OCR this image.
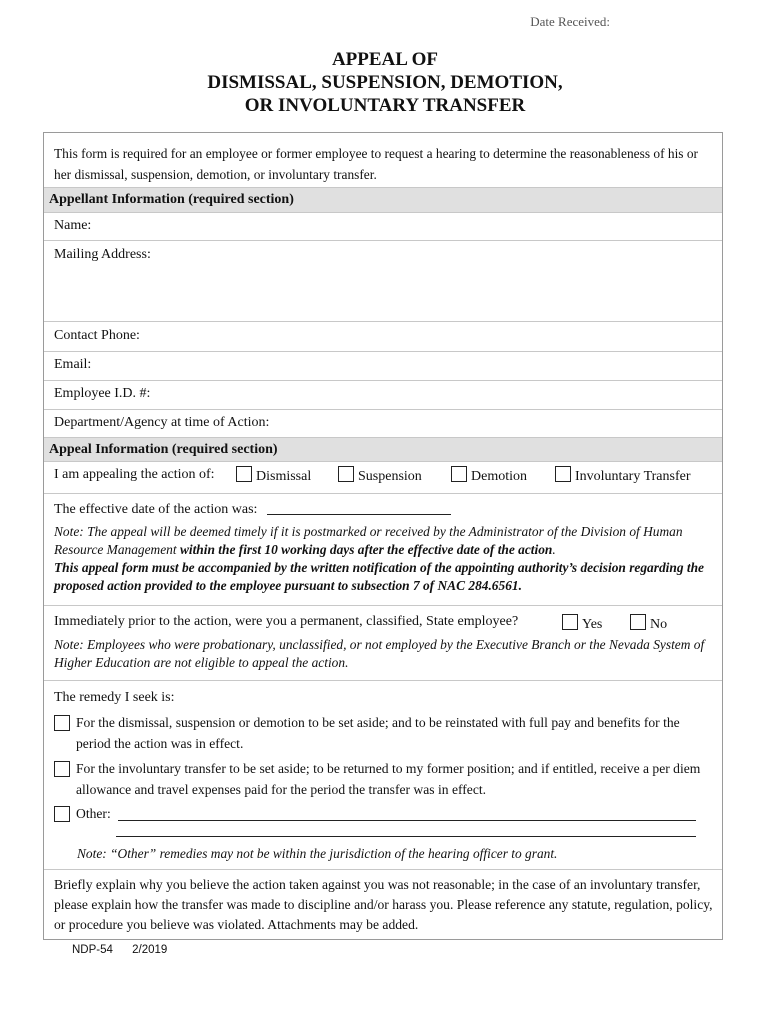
Date Received:
APPEAL OF
DISMISSAL, SUSPENSION, DEMOTION,
OR INVOLUNTARY TRANSFER
This form is required for an employee or former employee to request a hearing to determine the reasonableness of his or her dismissal, suspension, demotion, or involuntary transfer.
Appellant Information (required section)
Name:
Mailing Address:
Contact Phone:
Email:
Employee I.D. #:
Department/Agency at time of Action:
Appeal Information (required section)
I am appealing the action of:	Dismissal	Suspension	Demotion	Involuntary Transfer
The effective date of the action was:
Note: The appeal will be deemed timely if it is postmarked or received by the Administrator of the Division of Human Resource Management within the first 10 working days after the effective date of the action.
This appeal form must be accompanied by the written notification of the appointing authority’s decision regarding the proposed action provided to the employee pursuant to subsection 7 of NAC 284.6561.
Immediately prior to the action, were you a permanent, classified, State employee?	Yes	No
Note: Employees who were probationary, unclassified, or not employed by the Executive Branch or the Nevada System of Higher Education are not eligible to appeal the action.
The remedy I seek is:
For the dismissal, suspension or demotion to be set aside; and to be reinstated with full pay and benefits for the period the action was in effect.
For the involuntary transfer to be set aside; to be returned to my former position; and if entitled, receive a per diem allowance and travel expenses paid for the period the transfer was in effect.
Other:
Note: “Other” remedies may not be within the jurisdiction of the hearing officer to grant.
Briefly explain why you believe the action taken against you was not reasonable; in the case of an involuntary transfer, please explain how the transfer was made to discipline and/or harass you. Please reference any statute, regulation, policy, or procedure you believe was violated. Attachments may be added.
NDP-54 2/2019
